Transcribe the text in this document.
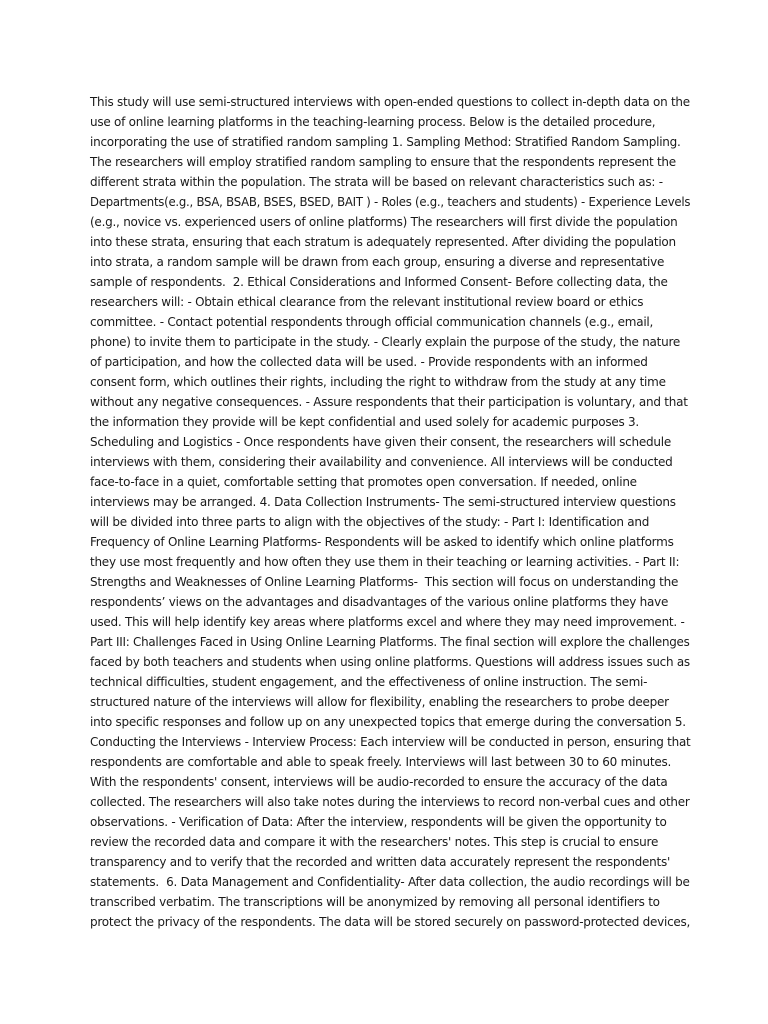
This study will use semi-structured interviews with open-ended questions to collect in-depth data on the
use of online learning platforms in the teaching-learning process. Below is the detailed procedure,
incorporating the use of stratified random sampling 1. Sampling Method: Stratified Random Sampling.
The researchers will employ stratified random sampling to ensure that the respondents represent the
different strata within the population. The strata will be based on relevant characteristics such as: -
Departments(e.g., BSA, BSAB, BSES, BSED, BAIT ) - Roles (e.g., teachers and students) - Experience Levels
(e.g., novice vs. experienced users of online platforms) The researchers will first divide the population
into these strata, ensuring that each stratum is adequately represented. After dividing the population
into strata, a random sample will be drawn from each group, ensuring a diverse and representative
sample of respondents.  2. Ethical Considerations and Informed Consent- Before collecting data, the
researchers will: - Obtain ethical clearance from the relevant institutional review board or ethics
committee. - Contact potential respondents through official communication channels (e.g., email,
phone) to invite them to participate in the study. - Clearly explain the purpose of the study, the nature
of participation, and how the collected data will be used. - Provide respondents with an informed
consent form, which outlines their rights, including the right to withdraw from the study at any time
without any negative consequences. - Assure respondents that their participation is voluntary, and that
the information they provide will be kept confidential and used solely for academic purposes 3.
Scheduling and Logistics - Once respondents have given their consent, the researchers will schedule
interviews with them, considering their availability and convenience. All interviews will be conducted
face-to-face in a quiet, comfortable setting that promotes open conversation. If needed, online
interviews may be arranged. 4. Data Collection Instruments- The semi-structured interview questions
will be divided into three parts to align with the objectives of the study: - Part I: Identification and
Frequency of Online Learning Platforms- Respondents will be asked to identify which online platforms
they use most frequently and how often they use them in their teaching or learning activities. - Part II:
Strengths and Weaknesses of Online Learning Platforms-  This section will focus on understanding the
respondents’ views on the advantages and disadvantages of the various online platforms they have
used. This will help identify key areas where platforms excel and where they may need improvement. -
Part III: Challenges Faced in Using Online Learning Platforms. The final section will explore the challenges
faced by both teachers and students when using online platforms. Questions will address issues such as
technical difficulties, student engagement, and the effectiveness of online instruction. The semi-
structured nature of the interviews will allow for flexibility, enabling the researchers to probe deeper
into specific responses and follow up on any unexpected topics that emerge during the conversation 5.
Conducting the Interviews - Interview Process: Each interview will be conducted in person, ensuring that
respondents are comfortable and able to speak freely. Interviews will last between 30 to 60 minutes.
With the respondents' consent, interviews will be audio-recorded to ensure the accuracy of the data
collected. The researchers will also take notes during the interviews to record non-verbal cues and other
observations. - Verification of Data: After the interview, respondents will be given the opportunity to
review the recorded data and compare it with the researchers' notes. This step is crucial to ensure
transparency and to verify that the recorded and written data accurately represent the respondents'
statements.  6. Data Management and Confidentiality- After data collection, the audio recordings will be
transcribed verbatim. The transcriptions will be anonymized by removing all personal identifiers to
protect the privacy of the respondents. The data will be stored securely on password-protected devices,
